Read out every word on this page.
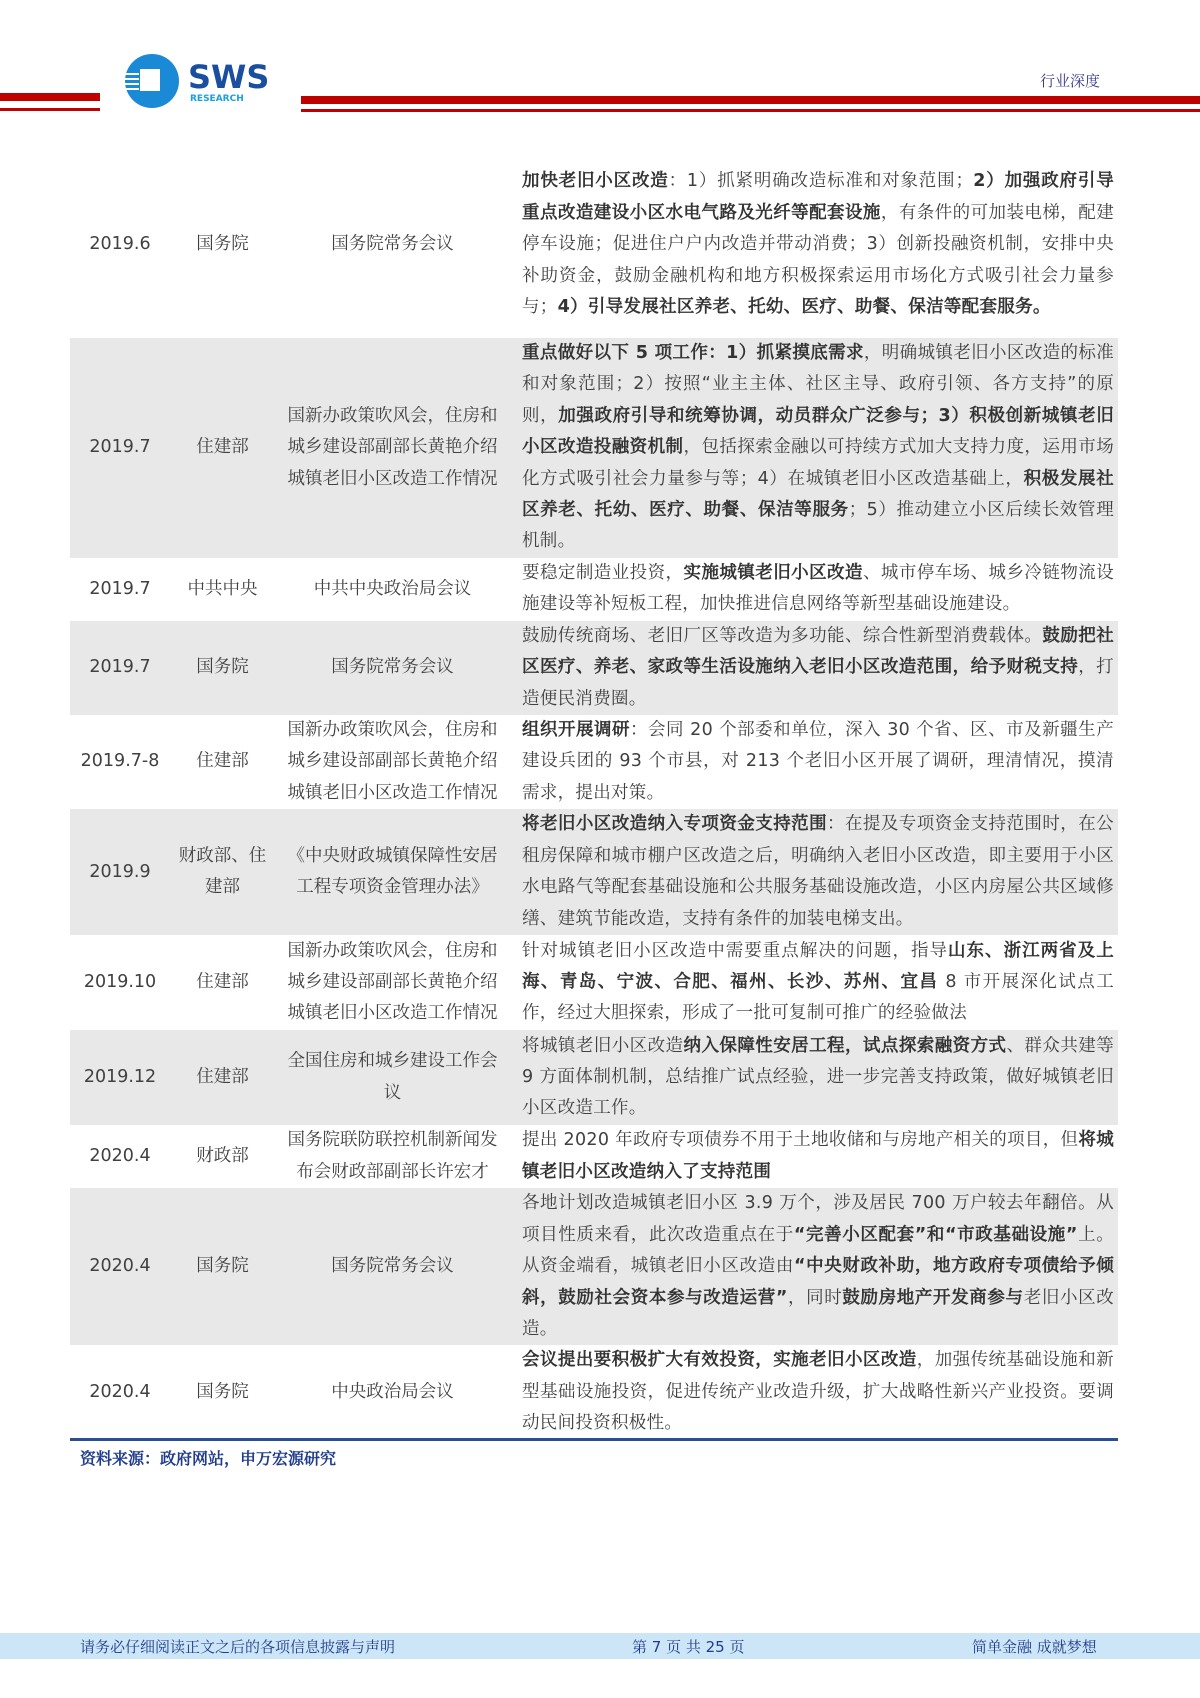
SWS
RESEARCH
行业深度
2019.6	国务院	国务院常务会议	加快老旧小区改造：1）抓紧明确改造标准和对象范围；2）加强政府引导重点改造建设小区水电气路及光纤等配套设施，有条件的可加装电梯，配建停车设施；促进住户户内改造并带动消费；3）创新投融资机制，安排中央补助资金，鼓励金融机构和地方积极探索运用市场化方式吸引社会力量参与；4）引导发展社区养老、托幼、医疗、助餐、保洁等配套服务。
2019.7	住建部	国新办政策吹风会，住房和城乡建设部副部长黄艳介绍城镇老旧小区改造工作情况	重点做好以下 5 项工作：1）抓紧摸底需求，明确城镇老旧小区改造的标准和对象范围；2）按照“业主主体、社区主导、政府引领、各方支持”的原则，加强政府引导和统筹协调，动员群众广泛参与；3）积极创新城镇老旧小区改造投融资机制，包括探索金融以可持续方式加大支持力度，运用市场化方式吸引社会力量参与等；4）在城镇老旧小区改造基础上，积极发展社区养老、托幼、医疗、助餐、保洁等服务；5）推动建立小区后续长效管理机制。
2019.7	中共中央	中共中央政治局会议	要稳定制造业投资，实施城镇老旧小区改造、城市停车场、城乡冷链物流设施建设等补短板工程，加快推进信息网络等新型基础设施建设。
2019.7	国务院	国务院常务会议	鼓励传统商场、老旧厂区等改造为多功能、综合性新型消费载体。鼓励把社区医疗、养老、家政等生活设施纳入老旧小区改造范围，给予财税支持，打造便民消费圈。
2019.7-8	住建部	国新办政策吹风会，住房和城乡建设部副部长黄艳介绍城镇老旧小区改造工作情况	组织开展调研：会同 20 个部委和单位，深入 30 个省、区、市及新疆生产建设兵团的 93 个市县，对 213 个老旧小区开展了调研，理清情况，摸清需求，提出对策。
2019.9	财政部、住建部	《中央财政城镇保障性安居工程专项资金管理办法》	将老旧小区改造纳入专项资金支持范围：在提及专项资金支持范围时，在公租房保障和城市棚户区改造之后，明确纳入老旧小区改造，即主要用于小区水电路气等配套基础设施和公共服务基础设施改造，小区内房屋公共区域修缮、建筑节能改造，支持有条件的加装电梯支出。
2019.10	住建部	国新办政策吹风会，住房和城乡建设部副部长黄艳介绍城镇老旧小区改造工作情况	针对城镇老旧小区改造中需要重点解决的问题，指导山东、浙江两省及上海、青岛、宁波、合肥、福州、长沙、苏州、宜昌 8 市开展深化试点工作，经过大胆探索，形成了一批可复制可推广的经验做法
2019.12	住建部	全国住房和城乡建设工作会议	将城镇老旧小区改造纳入保障性安居工程，试点探索融资方式、群众共建等 9 方面体制机制，总结推广试点经验，进一步完善支持政策，做好城镇老旧小区改造工作。
2020.4	财政部	国务院联防联控机制新闻发布会财政部副部长许宏才	提出 2020 年政府专项债券不用于土地收储和与房地产相关的项目，但将城镇老旧小区改造纳入了支持范围
2020.4	国务院	国务院常务会议	各地计划改造城镇老旧小区 3.9 万个，涉及居民 700 万户较去年翻倍。从项目性质来看，此次改造重点在于“完善小区配套”和“市政基础设施”上。从资金端看，城镇老旧小区改造由“中央财政补助，地方政府专项债给予倾斜，鼓励社会资本参与改造运营”，同时鼓励房地产开发商参与老旧小区改造。
2020.4	国务院	中央政治局会议	会议提出要积极扩大有效投资，实施老旧小区改造，加强传统基础设施和新型基础设施投资，促进传统产业改造升级，扩大战略性新兴产业投资。要调动民间投资积极性。
资料来源：政府网站，申万宏源研究
请务必仔细阅读正文之后的各项信息披露与声明	第 7 页 共 25 页	简单金融 成就梦想
